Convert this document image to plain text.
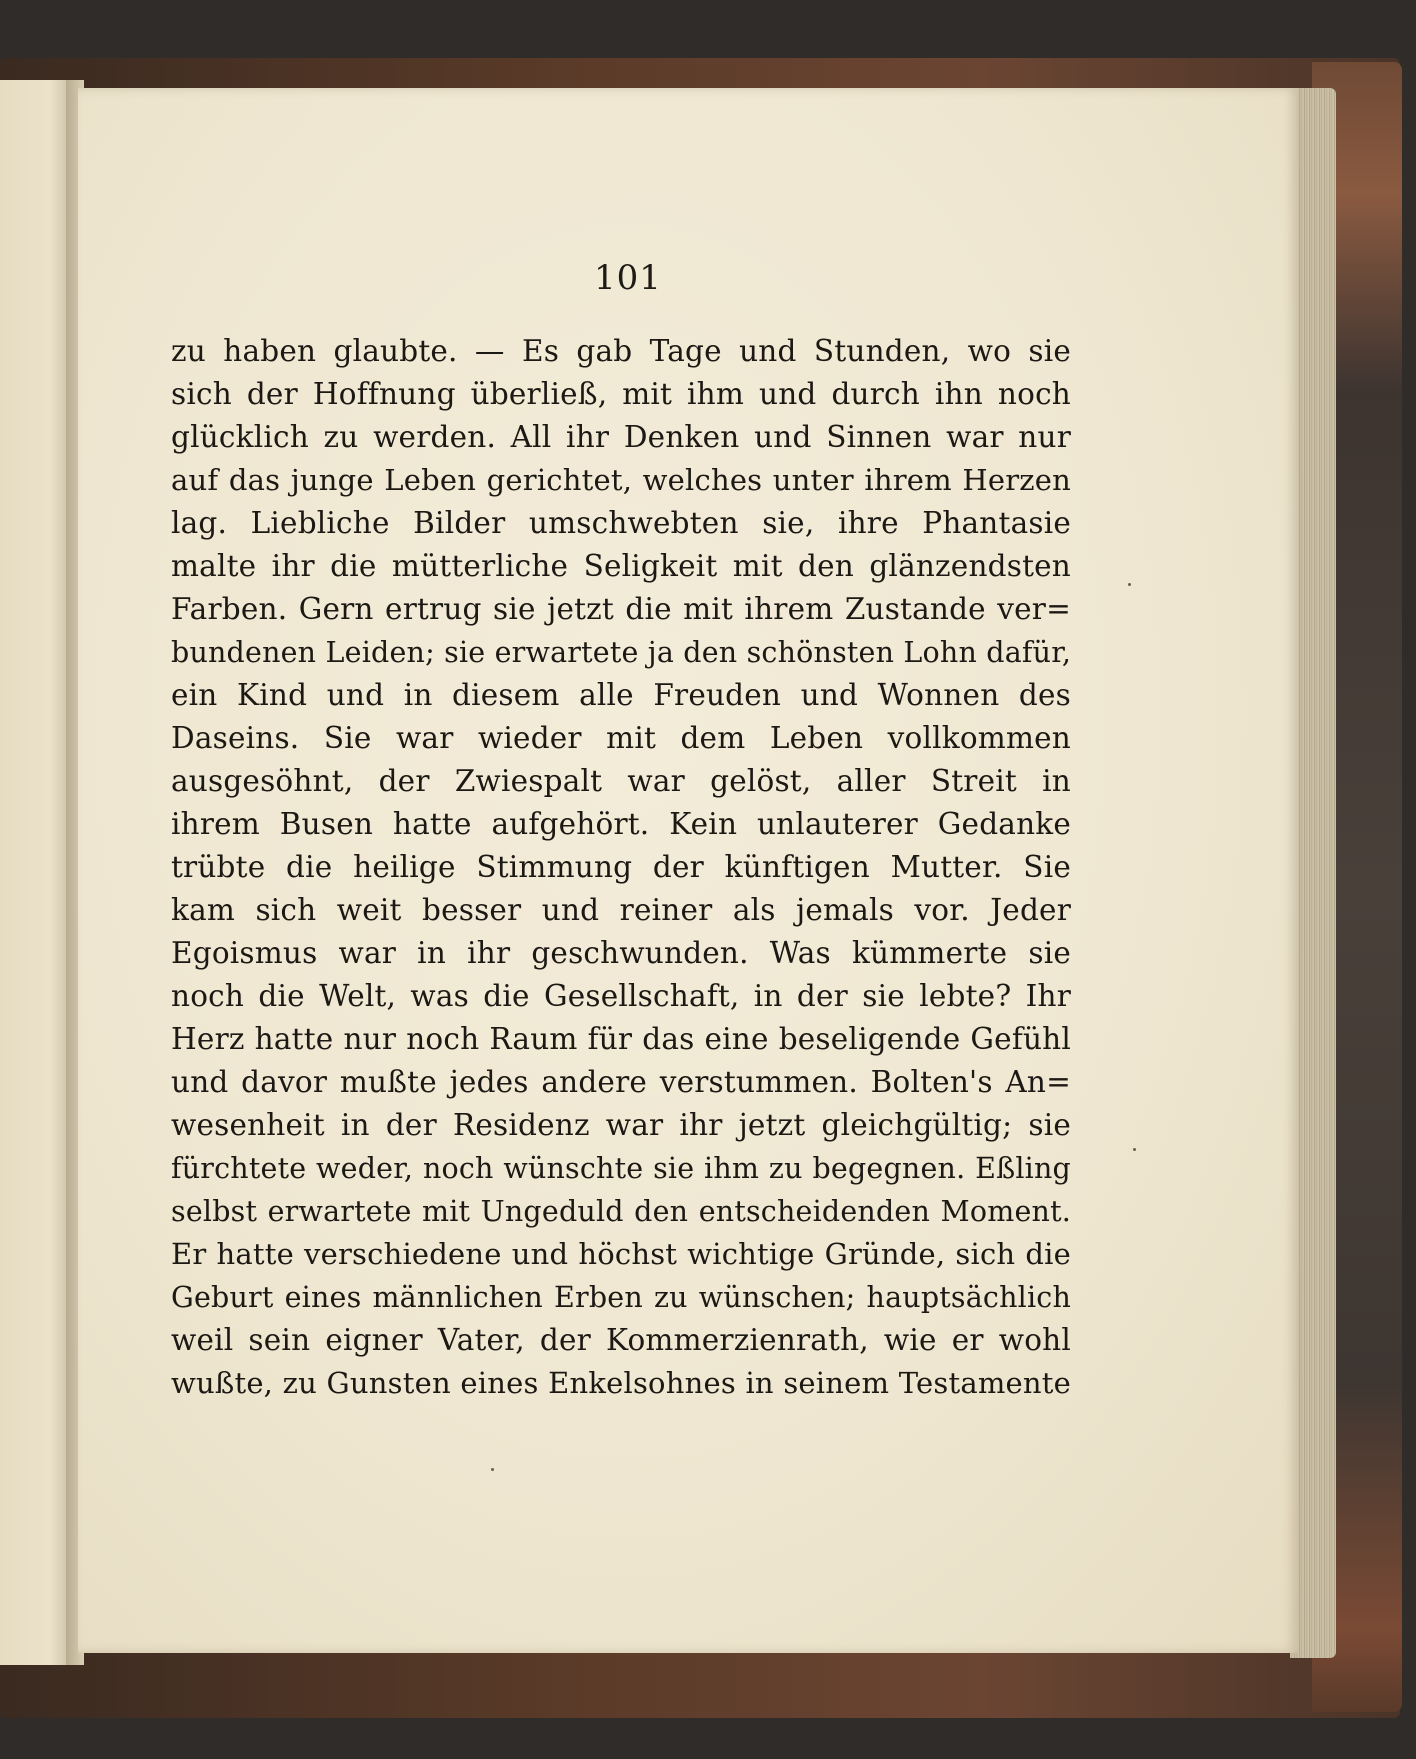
101
zu haben glaubte. — Es gab Tage und Stunden, wo sie
sich der Hoffnung überließ, mit ihm und durch ihn noch
glücklich zu werden. All ihr Denken und Sinnen war nur
auf das junge Leben gerichtet, welches unter ihrem Herzen
lag. Liebliche Bilder umschwebten sie, ihre Phantasie
malte ihr die mütterliche Seligkeit mit den glänzendsten
Farben. Gern ertrug sie jetzt die mit ihrem Zustande ver=
bundenen Leiden; sie erwartete ja den schönsten Lohn dafür,
ein Kind und in diesem alle Freuden und Wonnen des
Daseins. Sie war wieder mit dem Leben vollkommen
ausgesöhnt, der Zwiespalt war gelöst, aller Streit in
ihrem Busen hatte aufgehört. Kein unlauterer Gedanke
trübte die heilige Stimmung der künftigen Mutter. Sie
kam sich weit besser und reiner als jemals vor. Jeder
Egoismus war in ihr geschwunden. Was kümmerte sie
noch die Welt, was die Gesellschaft, in der sie lebte? Ihr
Herz hatte nur noch Raum für das eine beseligende Gefühl
und davor mußte jedes andere verstummen. Bolten's An=
wesenheit in der Residenz war ihr jetzt gleichgültig; sie
fürchtete weder, noch wünschte sie ihm zu begegnen. Eßling
selbst erwartete mit Ungeduld den entscheidenden Moment.
Er hatte verschiedene und höchst wichtige Gründe, sich die
Geburt eines männlichen Erben zu wünschen; hauptsächlich
weil sein eigner Vater, der Kommerzienrath, wie er wohl
wußte, zu Gunsten eines Enkelsohnes in seinem Testamente
